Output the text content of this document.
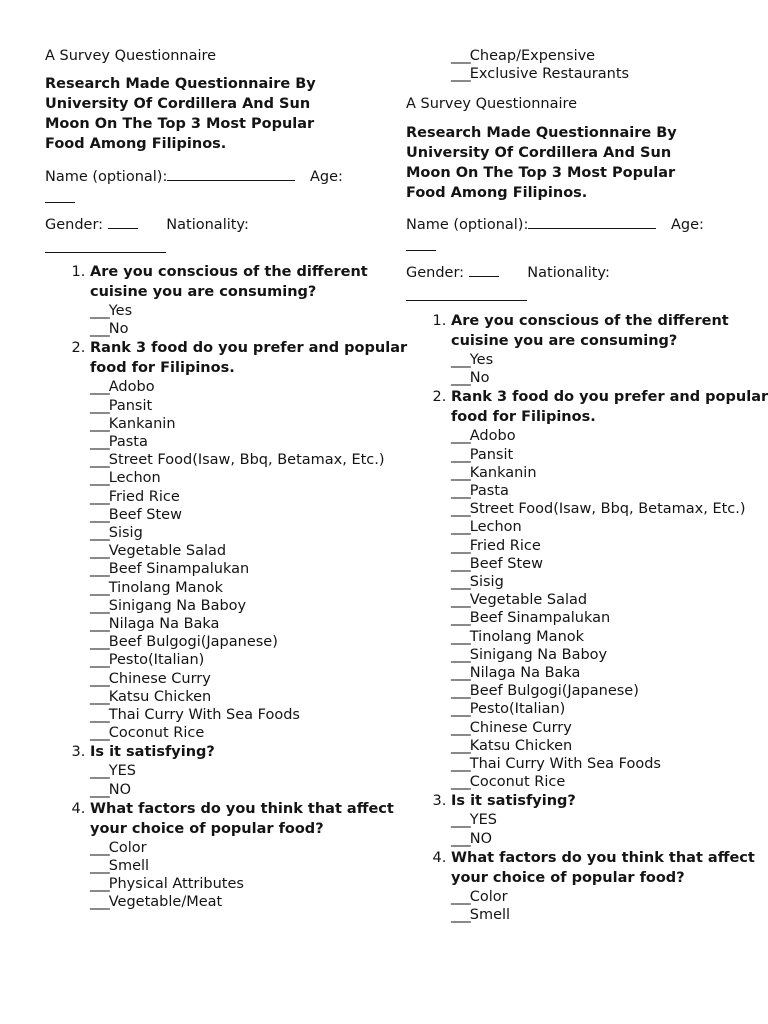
A Survey Questionnaire

Research Made Questionnaire By University Of Cordillera And Sun Moon On The Top 3 Most Popular Food Among Filipinos.

Name (optional):	Age:
Gender:	Nationality:
1. Are you conscious of the different cuisine you are consuming?
___Yes
___No
2. Rank 3 food do you prefer and popular food for Filipinos.
___Adobo
___Pansit
___Kankanin
___Pasta
___Street Food(Isaw, Bbq, Betamax, Etc.)
___Lechon
___Fried Rice
___Beef Stew
___Sisig
___Vegetable Salad
___Beef Sinampalukan
___Tinolang Manok
___Sinigang Na Baboy
___Nilaga Na Baka
___Beef Bulgogi(Japanese)
___Pesto(Italian)
___Chinese Curry
___Katsu Chicken
___Thai Curry With Sea Foods
___Coconut Rice
3. Is it satisfying?
___YES
___NO
4. What factors do you think that affect your choice of popular food?
___Color
___Smell
___Physical Attributes
___Vegetable/Meat
___Cheap/Expensive
___Exclusive Restaurants

A Survey Questionnaire

Research Made Questionnaire By University Of Cordillera And Sun Moon On The Top 3 Most Popular Food Among Filipinos.

Name (optional):	Age:
Gender:	Nationality:
1. Are you conscious of the different cuisine you are consuming?
___Yes
___No
2. Rank 3 food do you prefer and popular food for Filipinos.
___Adobo
___Pansit
___Kankanin
___Pasta
___Street Food(Isaw, Bbq, Betamax, Etc.)
___Lechon
___Fried Rice
___Beef Stew
___Sisig
___Vegetable Salad
___Beef Sinampalukan
___Tinolang Manok
___Sinigang Na Baboy
___Nilaga Na Baka
___Beef Bulgogi(Japanese)
___Pesto(Italian)
___Chinese Curry
___Katsu Chicken
___Thai Curry With Sea Foods
___Coconut Rice
3. Is it satisfying?
___YES
___NO
4. What factors do you think that affect your choice of popular food?
___Color
___Smell
